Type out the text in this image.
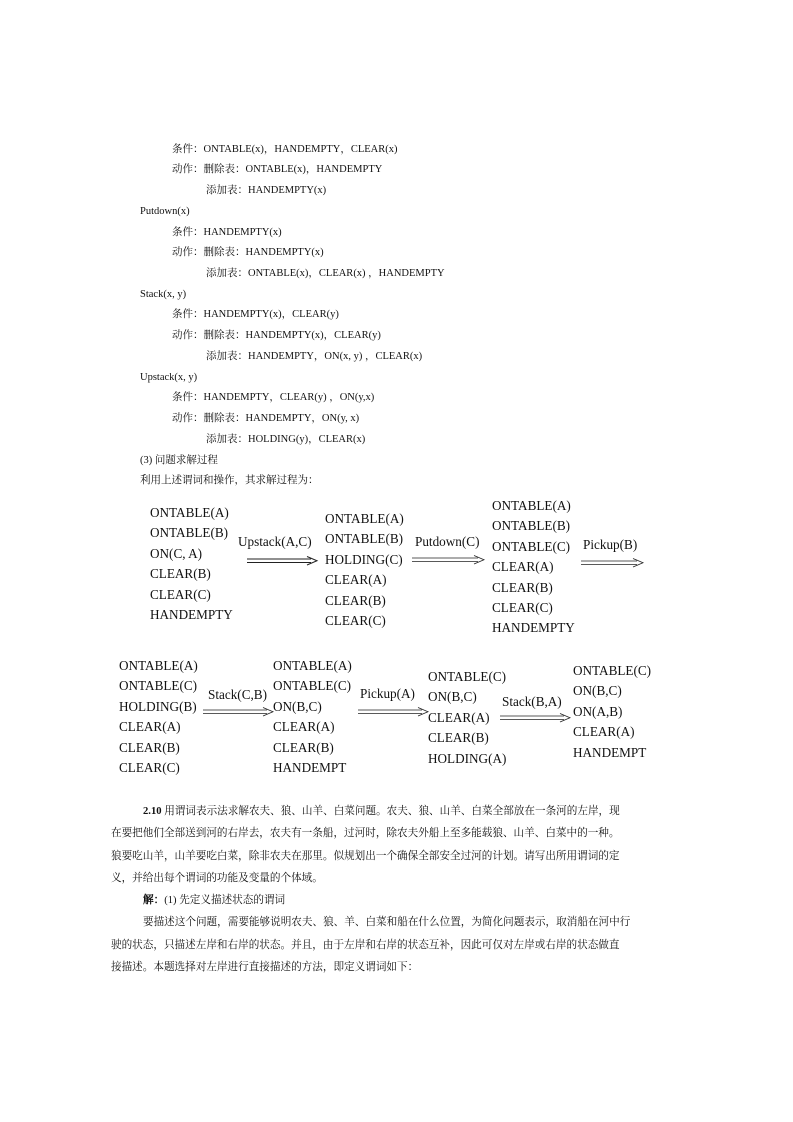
条件：ONTABLE(x)，HANDEMPTY，CLEAR(x)
动作：删除表：ONTABLE(x)，HANDEMPTY
添加表：HANDEMPTY(x)
Putdown(x)
条件：HANDEMPTY(x)
动作：删除表：HANDEMPTY(x)
添加表：ONTABLE(x)，CLEAR(x) ，HANDEMPTY
Stack(x, y)
条件：HANDEMPTY(x)，CLEAR(y)
动作：删除表：HANDEMPTY(x)，CLEAR(y)
添加表：HANDEMPTY，ON(x, y) ，CLEAR(x)
Upstack(x, y)
条件：HANDEMPTY，CLEAR(y) ，ON(y,x)
动作：删除表：HANDEMPTY，ON(y, x)
添加表：HOLDING(y)，CLEAR(x)
(3) 问题求解过程
利用上述谓词和操作，其求解过程为：
ONTABLE(A)
ONTABLE(B)
ON(C, A)
CLEAR(B)
CLEAR(C)
HANDEMPTY
Upstack(A,C)
ONTABLE(A)
ONTABLE(B)
HOLDING(C)
CLEAR(A)
CLEAR(B)
CLEAR(C)
Putdown(C)
ONTABLE(A)
ONTABLE(B)
ONTABLE(C)
CLEAR(A)
CLEAR(B)
CLEAR(C)
HANDEMPTY
Pickup(B)
ONTABLE(A)
ONTABLE(C)
HOLDING(B)
CLEAR(A)
CLEAR(B)
CLEAR(C)
Stack(C,B)
ONTABLE(A)
ONTABLE(C)
ON(B,C)
CLEAR(A)
CLEAR(B)
HANDEMPT
Pickup(A)
ONTABLE(C)
ON(B,C)
CLEAR(A)
CLEAR(B)
HOLDING(A)
Stack(B,A)
ONTABLE(C)
ON(B,C)
ON(A,B)
CLEAR(A)
HANDEMPT
2.10 用谓词表示法求解农夫、狼、山羊、白菜问题。农夫、狼、山羊、白菜全部放在一条河的左岸，现
在要把他们全部送到河的右岸去，农夫有一条船，过河时，除农夫外船上至多能载狼、山羊、白菜中的一种。
狼要吃山羊，山羊要吃白菜，除非农夫在那里。似规划出一个确保全部安全过河的计划。请写出所用谓词的定
义，并给出每个谓词的功能及变量的个体域。
解：(1) 先定义描述状态的谓词
要描述这个问题，需要能够说明农夫、狼、羊、白菜和船在什么位置，为简化问题表示，取消船在河中行
驶的状态，只描述左岸和右岸的状态。并且，由于左岸和右岸的状态互补，因此可仅对左岸或右岸的状态做直
接描述。本题选择对左岸进行直接描述的方法，即定义谓词如下：
